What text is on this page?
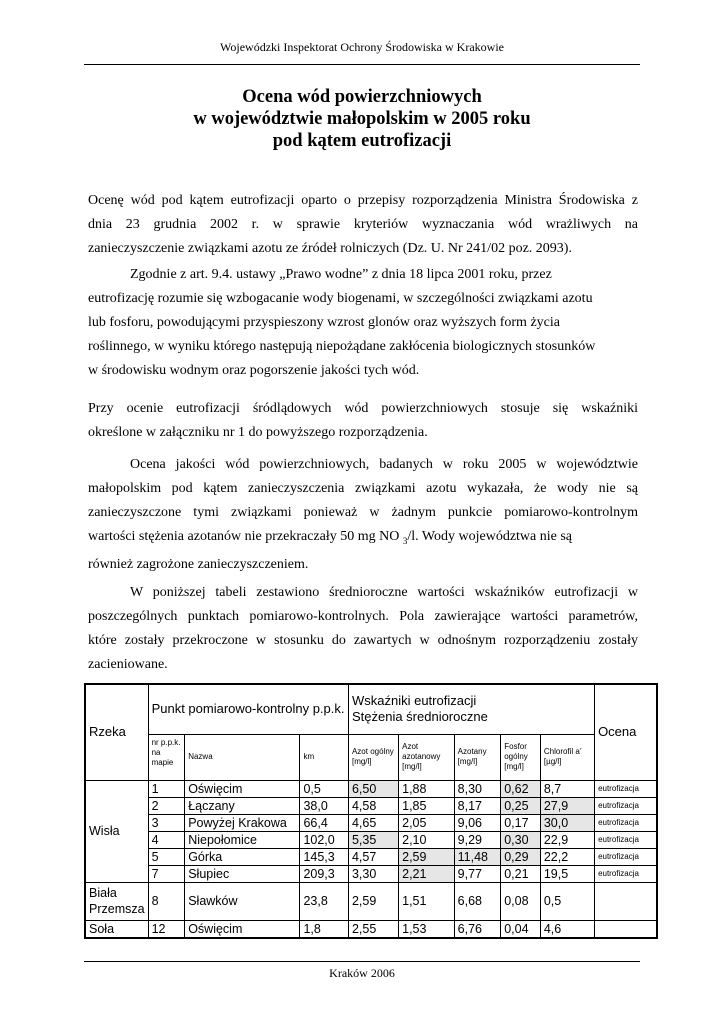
Wojewódzki Inspektorat Ochrony Środowiska w Krakowie
Ocena wód powierzchniowych
w województwie małopolskim w 2005 roku
pod kątem eutrofizacji
Ocenę wód pod kątem eutrofizacji oparto o przepisy rozporządzenia Ministra Środowiska z
dnia 23 grudnia 2002 r. w sprawie kryteriów wyznaczania wód wrażliwych na
zanieczyszczenie związkami azotu ze źródeł rolniczych (Dz. U. Nr 241/02 poz. 2093).
Zgodnie z art. 9.4. ustawy „Prawo wodne” z dnia 18 lipca 2001 roku, przez
eutrofizację rozumie się wzbogacanie wody biogenami, w szczególności związkami azotu
lub fosforu, powodującymi przyspieszony wzrost glonów oraz wyższych form życia
roślinnego, w wyniku którego następują niepożądane zakłócenia biologicznych stosunków
w środowisku wodnym oraz pogorszenie jakości tych wód.
Przy ocenie eutrofizacji śródlądowych wód powierzchniowych stosuje się wskaźniki
określone w załączniku nr 1 do powyższego rozporządzenia.
Ocena jakości wód powierzchniowych, badanych w roku 2005 w województwie
małopolskim pod kątem zanieczyszczenia związkami azotu wykazała, że wody nie są
zanieczyszczone tymi związkami ponieważ w żadnym punkcie pomiarowo-kontrolnym
wartości stężenia azotanów nie przekraczały 50 mg NO $_3$/l. Wody województwa nie są
również zagrożone zanieczyszczeniem.
W poniższej tabeli zestawiono średnioroczne wartości wskaźników eutrofizacji w
poszczególnych punktach pomiarowo-kontrolnych. Pola zawierające wartości parametrów,
które zostały przekroczone w stosunku do zawartych w odnośnym rozporządzeniu zostały
zacieniowane.
Rzeka	Punkt pomiarowo-kontrolny p.p.k.			Wskaźniki eutrofizacji
Stężenia średnioroczne					Ocena
	nr p.p.k. na mapie	Nazwa	km	Azot ogólny [mg/l]	Azot azotanowy [mg/l]	Azotany [mg/l]	Fosfor ogólny [mg/l]	Chlorofil a’ [µg/l]	
Wisła	1	Oświęcim	0,5	6,50	1,88	8,30	0,62	8,7	eutrofizacja
	2	Łączany	38,0	4,58	1,85	8,17	0,25	27,9	eutrofizacja
	3	Powyżej Krakowa	66,4	4,65	2,05	9,06	0,17	30,0	eutrofizacja
	4	Niepołomice	102,0	5,35	2,10	9,29	0,30	22,9	eutrofizacja
	5	Górka	145,3	4,57	2,59	11,48	0,29	22,2	eutrofizacja
	7	Słupiec	209,3	3,30	2,21	9,77	0,21	19,5	eutrofizacja
Biała Przemsza	8	Sławków	23,8	2,59	1,51	6,68	0,08	0,5	
Soła	12	Oświęcim	1,8	2,55	1,53	6,76	0,04	4,6	
Kraków 2006
